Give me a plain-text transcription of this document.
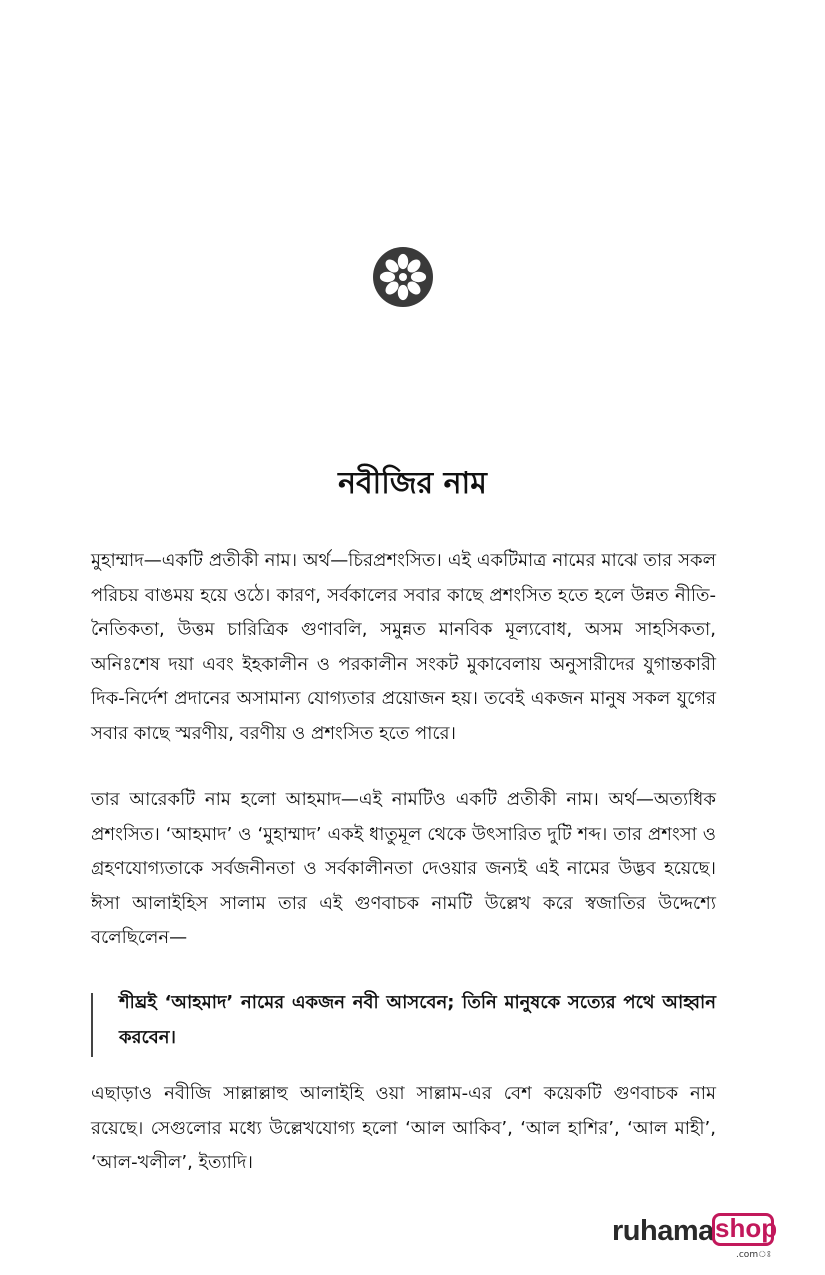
নবীজির নাম

মুহাম্মাদ—একটি প্রতীকী নাম। অর্থ—চিরপ্রশংসিত। এই একটিমাত্র নামের মাঝে তার সকল পরিচয় বাঙময় হয়ে ওঠে। কারণ, সর্বকালের সবার কাছে প্রশংসিত হতে হলে উন্নত নীতি-নৈতিকতা, উত্তম চারিত্রিক গুণাবলি, সমুন্নত মানবিক মূল্যবোধ, অসম সাহসিকতা, অনিঃশেষ দয়া এবং ইহকালীন ও পরকালীন সংকট মুকাবেলায় অনুসারীদের যুগান্তকারী দিক-নির্দেশ প্রদানের অসামান্য যোগ্যতার প্রয়োজন হয়। তবেই একজন মানুষ সকল যুগের সবার কাছে স্মরণীয়, বরণীয় ও প্রশংসিত হতে পারে।

তার আরেকটি নাম হলো আহমাদ—এই নামটিও একটি প্রতীকী নাম। অর্থ—অত্যধিক প্রশংসিত। ‘আহমাদ’ ও ‘মুহাম্মাদ’ একই ধাতুমূল থেকে উৎসারিত দুটি শব্দ। তার প্রশংসা ও গ্রহণযোগ্যতাকে সর্বজনীনতা ও সর্বকালীনতা দেওয়ার জন্যই এই নামের উদ্ভব হয়েছে। ঈসা আলাইহিস সালাম তার এই গুণবাচক নামটি উল্লেখ করে স্বজাতির উদ্দেশ্যে বলেছিলেন—

শীঘ্রই ‘আহমাদ’ নামের একজন নবী আসবেন; তিনি মানুষকে সত্যের পথে আহ্বান করবেন।

এছাড়াও নবীজি সাল্লাল্লাহু আলাইহি ওয়া সাল্লাম-এর বেশ কয়েকটি গুণবাচক নাম রয়েছে। সেগুলোর মধ্যে উল্লেখযোগ্য হলো ‘আল আকিব’, ‘আল হাশির’, ‘আল মাহী’, ‘আল-খলীল’, ইত্যাদি।

ruhama shop
.comঃ
